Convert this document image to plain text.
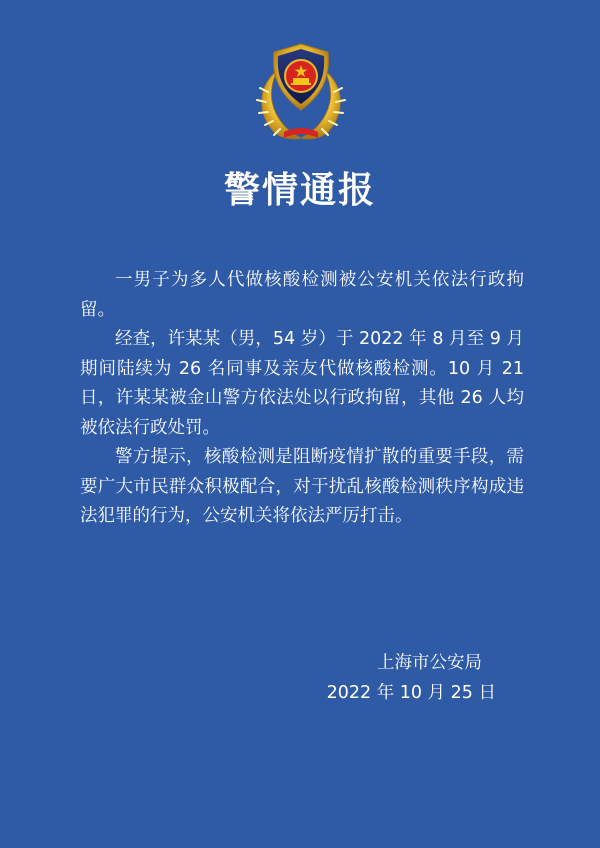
警情通报

一男子为多人代做核酸检测被公安机关依法行政拘留。

经查，许某某（男，54 岁）于 2022 年 8 月至 9 月期间陆续为 26 名同事及亲友代做核酸检测。10 月 21 日，许某某被金山警方依法处以行政拘留，其他 26 人均被依法行政处罚。

警方提示，核酸检测是阻断疫情扩散的重要手段，需要广大市民群众积极配合，对于扰乱核酸检测秩序构成违法犯罪的行为，公安机关将依法严厉打击。

上海市公安局
2022 年 10 月 25 日
